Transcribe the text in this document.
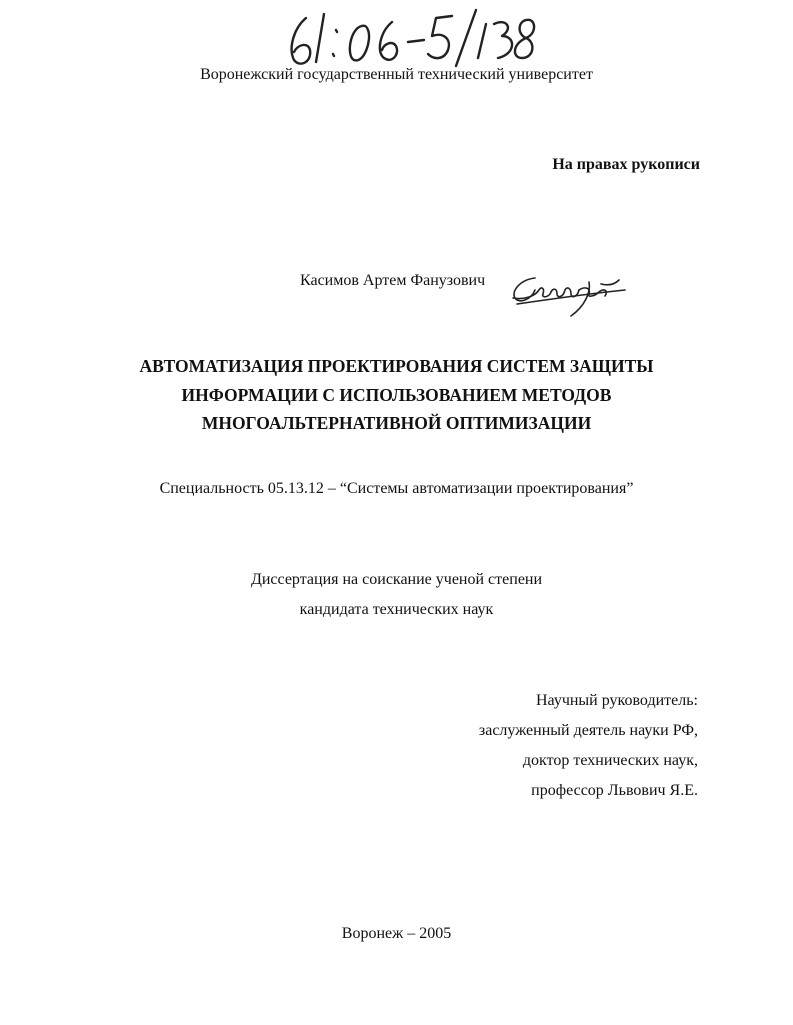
Воронежский государственный технический университет
На правах рукописи
Касимов Артем Фанузович
АВТОМАТИЗАЦИЯ ПРОЕКТИРОВАНИЯ СИСТЕМ ЗАЩИТЫ
ИНФОРМАЦИИ С ИСПОЛЬЗОВАНИЕМ МЕТОДОВ
МНОГОАЛЬТЕРНАТИВНОЙ ОПТИМИЗАЦИИ
Специальность 05.13.12 – “Системы автоматизации проектирования”
Диссертация на соискание ученой степени
кандидата технических наук
Научный руководитель:
заслуженный деятель науки РФ,
доктор технических наук,
профессор Львович Я.Е.
Воронеж – 2005
